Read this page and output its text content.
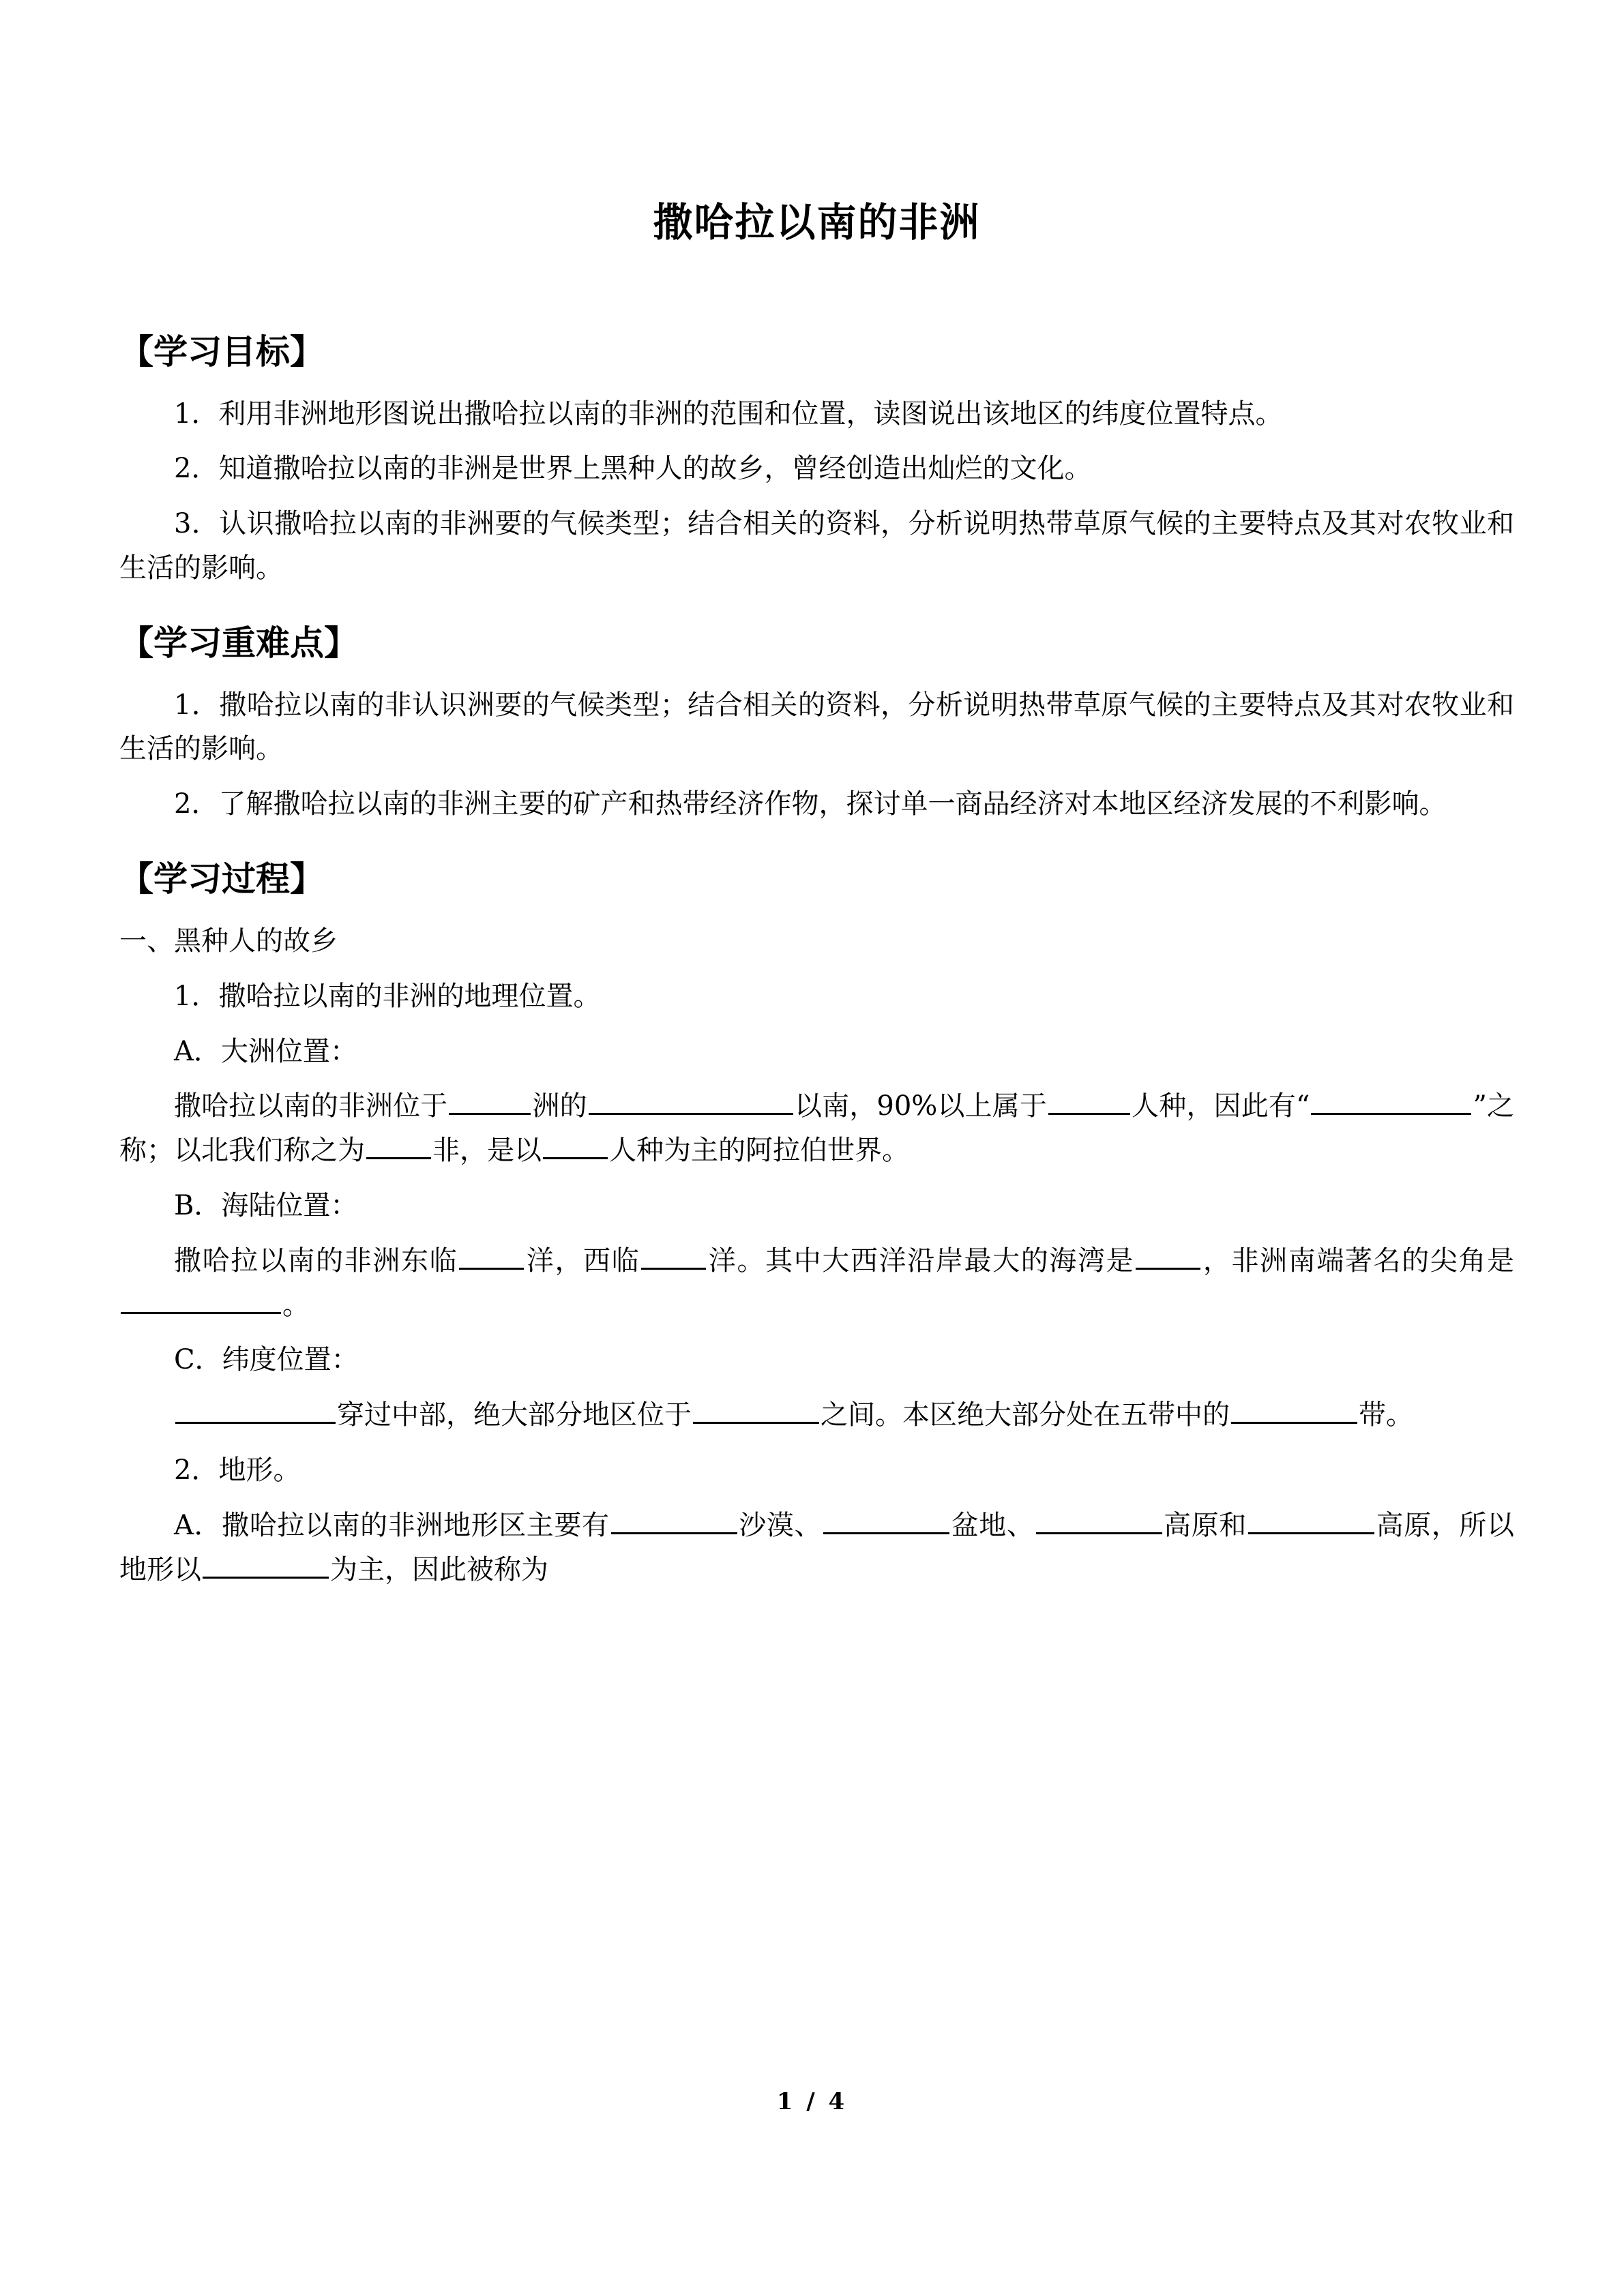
撒哈拉以南的非洲
【学习目标】

1．利用非洲地形图说出撒哈拉以南的非洲的范围和位置，读图说出该地区的纬度位置特点。

2．知道撒哈拉以南的非洲是世界上黑种人的故乡，曾经创造出灿烂的文化。

3．认识撒哈拉以南的非洲要的气候类型；结合相关的资料，分析说明热带草原气候的主要特点及其对农牧业和生活的影响。

【学习重难点】

1．撒哈拉以南的非认识洲要的气候类型；结合相关的资料，分析说明热带草原气候的主要特点及其对农牧业和生活的影响。

2．了解撒哈拉以南的非洲主要的矿产和热带经济作物，探讨单一商品经济对本地区经济发展的不利影响。

【学习过程】

一、黑种人的故乡

1．撒哈拉以南的非洲的地理位置。

A．大洲位置：

撒哈拉以南的非洲位于	洲的	以南，90%以上属于	人种，因此有“	”之称；以北我们称之为 非，是以 人种为主的阿拉伯世界。

B．海陆位置：

撒哈拉以南的非洲东临 洋，西临 洋。其中大西洋沿岸最大的海湾是 ，非洲南端著名的尖角是。

C．纬度位置：

穿过中部，绝大部分地区位于	之间。本区绝大部分处在五带中的	带。

2．地形。

A．撒哈拉以南的非洲地形区主要有	沙漠、	盆地、	高原和	高原，所以地形以	为主，因此被称为

1 / 4
